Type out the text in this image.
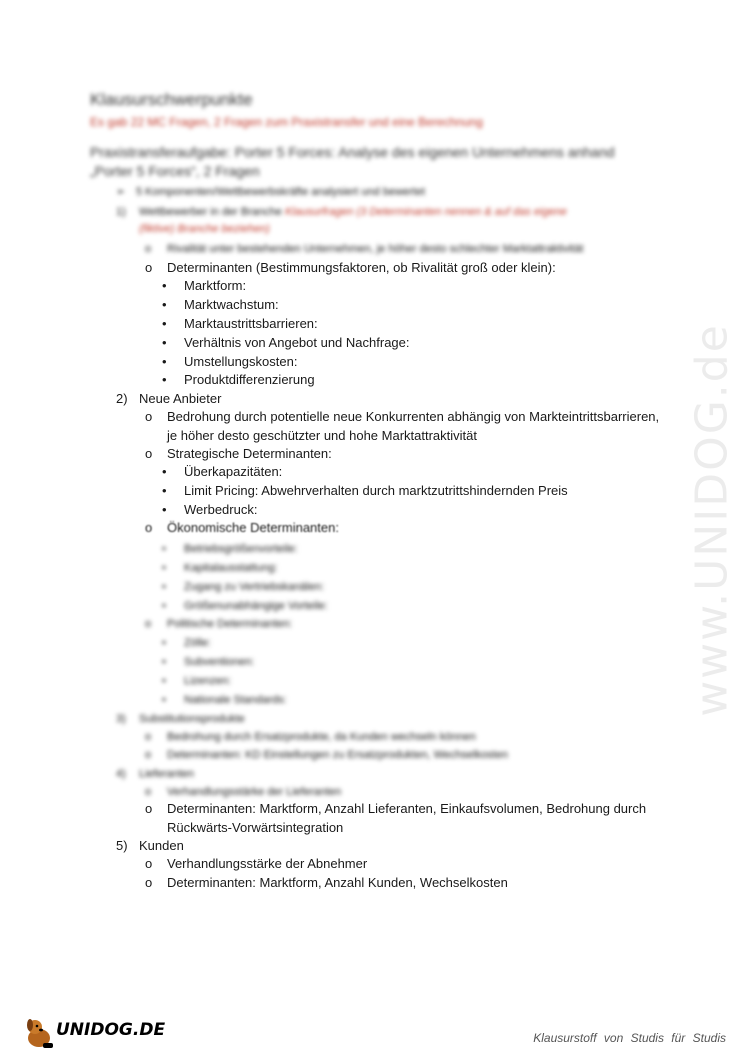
www.UNIDOG.de
Klausurschwerpunkte
Es gab 22 MC Fragen, 2 Fragen zum Praxistransfer und eine Berechnung
Praxistransferaufgabe: Porter 5 Forces: Analyse des eigenen Unternehmens anhand
„Porter 5 Forces“, 2 Fragen
➢ 5 Komponenten/Wettbewerbskräfte analysiert und bewertet
1) Wettbewerber in der Branche Klausurfragen (3 Determinanten nennen & auf das eigene
(fiktive) Branche beziehen)
o Rivalität unter bestehenden Unternehmen, je höher desto schlechter Marktattraktivität
o Determinanten (Bestimmungsfaktoren, ob Rivalität groß oder klein):
• Marktform:
• Marktwachstum:
• Marktaustrittsbarrieren:
• Verhältnis von Angebot und Nachfrage:
• Umstellungskosten:
• Produktdifferenzierung
2) Neue Anbieter
o Bedrohung durch potentielle neue Konkurrenten abhängig von Markteintrittsbarrieren,
je höher desto geschützter und hohe Marktattraktivität
o Strategische Determinanten:
• Überkapazitäten:
• Limit Pricing: Abwehrverhalten durch marktzutrittshindernden Preis
• Werbedruck:
o Ökonomische Determinanten:
• Betriebsgrößenvorteile:
• Kapitalausstattung:
• Zugang zu Vertriebskanälen:
• Größenunabhängige Vorteile:
o Politische Determinanten:
• Zölle:
• Subventionen:
• Lizenzen:
• Nationale Standards:
3) Substitutionsprodukte
o Bedrohung durch Ersatzprodukte, da Kunden wechseln können
o Determinanten: KD Einstellungen zu Ersatzprodukten, Wechselkosten
4) Lieferanten
o Verhandlungsstärke der Lieferanten
o Determinanten: Marktform, Anzahl Lieferanten, Einkaufsvolumen, Bedrohung durch
Rückwärts-Vorwärtsintegration
5) Kunden
o Verhandlungsstärke der Abnehmer
o Determinanten: Marktform, Anzahl Kunden, Wechselkosten
UNIDOG.DE	Klausurstoff von Studis für Studis
